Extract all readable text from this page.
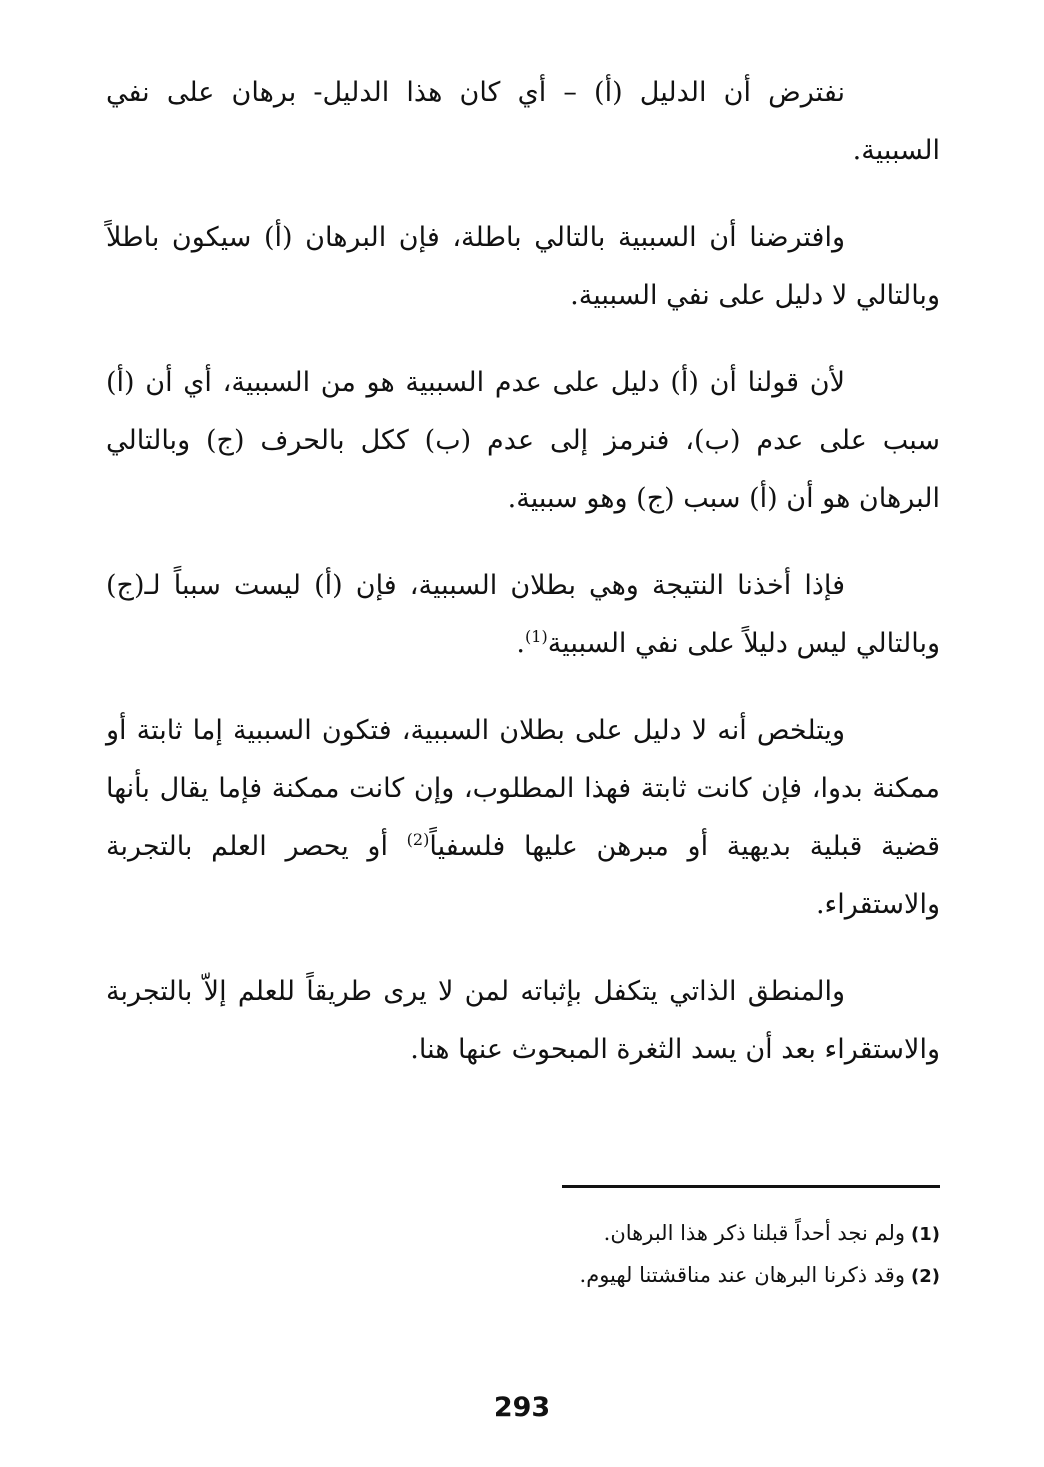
نفترض أن الدليل (أ) – أي كان هذا الدليل- برهان على نفي السببية.

وافترضنا أن السببية بالتالي باطلة، فإن البرهان (أ) سيكون باطلاً وبالتالي لا دليل على نفي السببية.

لأن قولنا أن (أ) دليل على عدم السببية هو من السببية، أي أن (أ) سبب على عدم (ب)، فنرمز إلى عدم (ب) ككل بالحرف (ج) وبالتالي البرهان هو أن (أ) سبب (ج) وهو سببية.

فإذا أخذنا النتيجة وهي بطلان السببية، فإن (أ) ليست سبباً لـ(ج) وبالتالي ليس دليلاً على نفي السببية$^{(1)}$.

ويتلخص أنه لا دليل على بطلان السببية، فتكون السببية إما ثابتة أو ممكنة بدوا، فإن كانت ثابتة فهذا المطلوب، وإن كانت ممكنة فإما يقال بأنها قضية قبلية بديهية أو مبرهن عليها فلسفياً$^{(2)}$ أو يحصر العلم بالتجربة والاستقراء.

والمنطق الذاتي يتكفل بإثباته لمن لا يرى طريقاً للعلم إلاّ بالتجربة والاستقراء بعد أن يسد الثغرة المبحوث عنها هنا.

(1)ولم نجد أحداً قبلنا ذكر هذا البرهان.
(2)وقد ذكرنا البرهان عند مناقشتنا لهيوم.
293
